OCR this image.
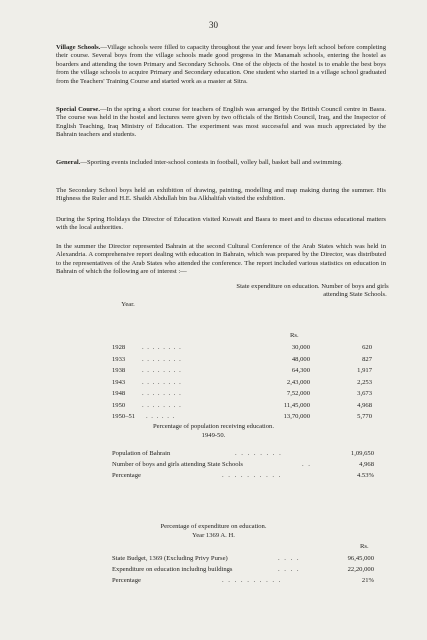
30

Village Schools.—Village schools were filled to capacity throughout the year and fewer boys left school before completing their course. Several boys from the village schools made good progress in the Manamah schools, entering the hostel as boarders and attending the town Primary and Secondary Schools. One of the objects of the hostel is to enable the best boys from the village schools to acquire Primary and Secondary education. One student who started in a village school graduated from the Teachers' Training Course and started work as a master at Sitra.

Special Course.—In the spring a short course for teachers of English was arranged by the British Council centre in Basra. The course was held in the hostel and lectures were given by two officials of the British Council, Iraq, and the Inspector of English Teaching, Iraq Ministry of Education. The experiment was most successful and was much appreciated by the Bahrain teachers and students.

General.—Sporting events included inter-school contests in football, volley ball, basket ball and swimming.

The Secondary School boys held an exhibition of drawing, painting, modelling and map making during the summer. His Highness the Ruler and H.E. Shaikh Abdullah bin Isa Alkhalifah visited the exhibition.

During the Spring Holidays the Director of Education visited Kuwait and Basra to meet and to discuss educational matters with the local authorities.

In the summer the Director represented Bahrain at the second Cultural Conference of the Arab States which was held in Alexandria. A comprehensive report dealing with education in Bahrain, which was prepared by the Director, was distributed to the representatives of the Arab States who attended the conference. The report included various statistics on education in Bahrain of which the following are of interest :—

Year.

State expenditure on education. Number of boys and girls attending State Schools.

Rs.
1928	. . . . . . . .	30,000	620
1933	. . . . . . . .	48,000	827
1938	. . . . . . . .	64,300	1,917
1943	. . . . . . . .	2,43,000	2,253
1948	. . . . . . . .	7,52,000	3,673
1950	. . . . . . . .	11,45,000	4,968
1950–51 . . . . . .	13,70,000	5,770

Percentage of population receiving education.

1949-50.

Population of Bahrain	. . . . . . . .	1,09,650
Number of boys and girls attending State Schools	. .	4,968
Percentage	. . . . . . . . . .	4.53%

Percentage of expenditure on education.

Year 1369 A. H.

Rs.
State Budget, 1369 (Excluding Privy Purse)	. . . .	96,45,000
Expenditure on education including buildings	. . . .	22,20,000
Percentage	. . . . . . . . . .	21%
